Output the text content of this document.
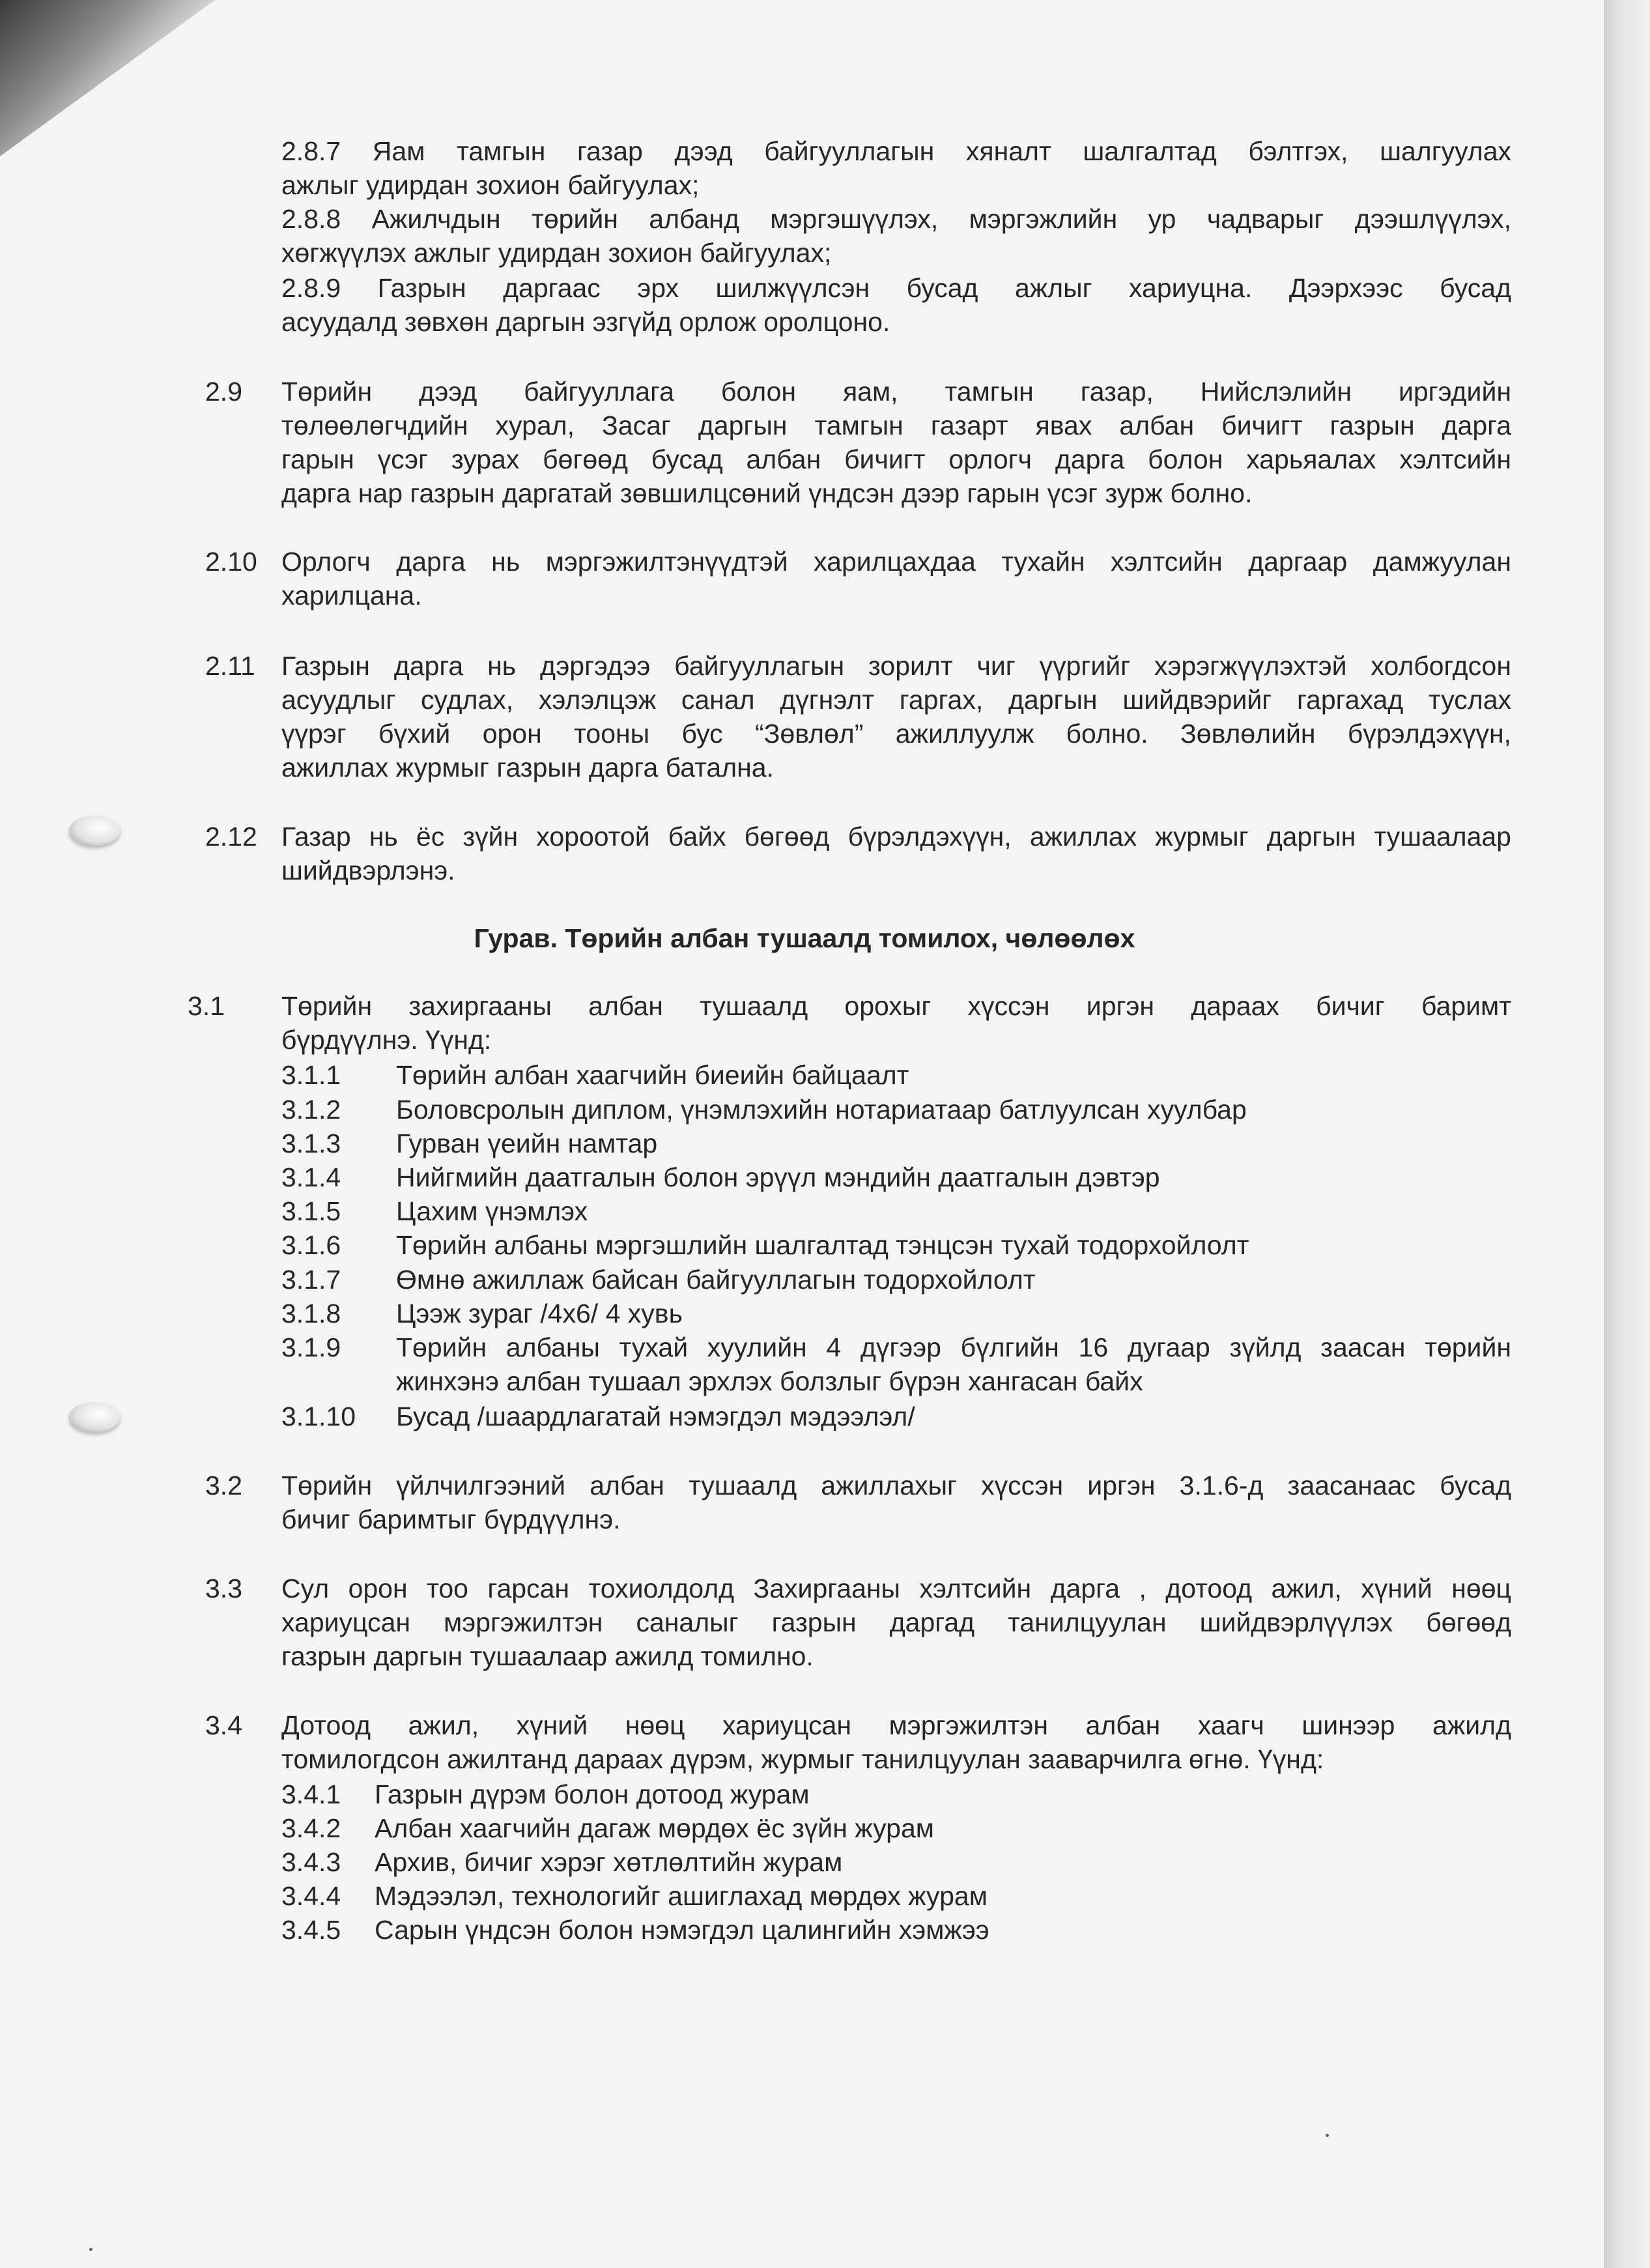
2.8.7 Яам тамгын газар дээд байгууллагын хяналт шалгалтад бэлтгэх, шалгуулах
ажлыг удирдан зохион байгуулах;
2.8.8 Ажилчдын төрийн албанд мэргэшүүлэх, мэргэжлийн ур чадварыг дээшлүүлэх,
хөгжүүлэх ажлыг удирдан зохион байгуулах;
2.8.9 Газрын даргаас эрх шилжүүлсэн бусад ажлыг хариуцна. Дээрхээс бусад
асуудалд зөвхөн даргын эзгүйд орлож оролцоно.
2.9 Төрийн дээд байгууллага болон яам, тамгын газар, Нийслэлийн иргэдийн
төлөөлөгчдийн хурал, Засаг даргын тамгын газарт явах албан бичигт газрын дарга
гарын үсэг зурах бөгөөд бусад албан бичигт орлогч дарга болон харьяалах хэлтсийн
дарга нар газрын даргатай зөвшилцсөний үндсэн дээр гарын үсэг зурж болно.
2.10 Орлогч дарга нь мэргэжилтэнүүдтэй харилцахдаа тухайн хэлтсийн даргаар дамжуулан
харилцана.
2.11 Газрын дарга нь дэргэдээ байгууллагын зорилт чиг үүргийг хэрэгжүүлэхтэй холбогдсон
асуудлыг судлах, хэлэлцэж санал дүгнэлт гаргах, даргын шийдвэрийг гаргахад туслах
үүрэг бүхий орон тооны бус “Зөвлөл” ажиллуулж болно. Зөвлөлийн бүрэлдэхүүн,
ажиллах журмыг газрын дарга батална.
2.12 Газар нь ёс зүйн хороотой байх бөгөөд бүрэлдэхүүн, ажиллах журмыг даргын тушаалаар
шийдвэрлэнэ.
Гурав. Төрийн албан тушаалд томилох, чөлөөлөх
3.1 Төрийн захиргааны албан тушаалд орохыг хүссэн иргэн дараах бичиг баримт
бүрдүүлнэ. Үүнд:
3.1.1 Төрийн албан хаагчийн биеийн байцаалт
3.1.2 Боловсролын диплом, үнэмлэхийн нотариатаар батлуулсан хуулбар
3.1.3 Гурван үеийн намтар
3.1.4 Нийгмийн даатгалын болон эрүүл мэндийн даатгалын дэвтэр
3.1.5 Цахим үнэмлэх
3.1.6 Төрийн албаны мэргэшлийн шалгалтад тэнцсэн тухай тодорхойлолт
3.1.7 Өмнө ажиллаж байсан байгууллагын тодорхойлолт
3.1.8 Цээж зураг /4х6/ 4 хувь
3.1.9 Төрийн албаны тухай хуулийн 4 дүгээр бүлгийн 16 дугаар зүйлд заасан төрийн
жинхэнэ албан тушаал эрхлэх болзлыг бүрэн хангасан байх
3.1.10 Бусад /шаардлагатай нэмэгдэл мэдээлэл/
3.2 Төрийн үйлчилгээний албан тушаалд ажиллахыг хүссэн иргэн 3.1.6-д заасанаас бусад
бичиг баримтыг бүрдүүлнэ.
3.3 Сул орон тоо гарсан тохиолдолд Захиргааны хэлтсийн дарга , дотоод ажил, хүний нөөц
хариуцсан мэргэжилтэн саналыг газрын даргад танилцуулан шийдвэрлүүлэх бөгөөд
газрын даргын тушаалаар ажилд томилно.
3.4 Дотоод ажил, хүний нөөц хариуцсан мэргэжилтэн албан хаагч шинээр ажилд
томилогдсон ажилтанд дараах дүрэм, журмыг танилцуулан зааварчилга өгнө. Үүнд:
3.4.1 Газрын дүрэм болон дотоод журам
3.4.2 Албан хаагчийн дагаж мөрдөх ёс зүйн журам
3.4.3 Архив, бичиг хэрэг хөтлөлтийн журам
3.4.4 Мэдээлэл, технологийг ашиглахад мөрдөх журам
3.4.5 Сарын үндсэн болон нэмэгдэл цалингийн хэмжээ
